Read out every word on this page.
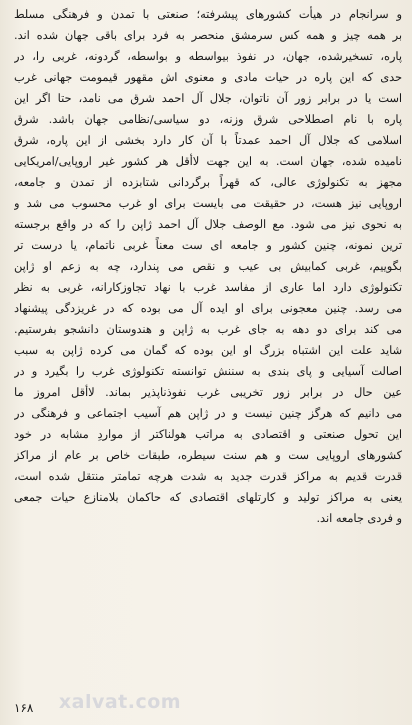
و سرانجام در هیأت کشورهای پیشرفته؛ صنعتی با تمدن و فرهنگی مسلط
بر همه چیز و همه کس سرمشق منحصر به فرد برای باقی جهان شده اند.
پاره، تسخیرشده، جهان، در نفوذ بیواسطه و بواسطه، گردونه، غربی را، در
حدی که این پاره در حیات مادی و معنوی اش مقهور قیمومت جهانی غرب
است یا در برابر زور آن ناتوان، جلال آل احمد شرق می نامد، حتا اگر این
پاره با نام اصطلاحی شرق وزنه، دو سیاسی/نظامی جهان باشد. شرق
اسلامی که جلال آل احمد عمدتاً با آن کار دارد بخشی از این پاره، شرق
نامیده شده، جهان است. به این جهت لاأقل هر کشور غیر اروپایی/امریکایی
مجهز به تکنولوژی عالی، که قهراً برگردانی شتابزده از تمدن و جامعه،
اروپایی نیز هست، در حقیقت می بایست برای او غرب محسوب می شد و
به نحوی نیز می شود. مع الوصف جلال آل احمد ژاپن را که در واقع برجسته
ترین نمونه، چنین کشور و جامعه ای ست معناً غربی ناتمام، یا درست تر
بگوییم، غربی کمابیش بی عیب و نقص می پندارد، چه به زعم او ژاپن
تکنولوژی دارد اما عاری از مفاسد غرب با نهاد تجاوزکارانه، غربی به نظر
می رسد. چنین معجونی برای او ایده آل می بوده که در غریزدگی پیشنهاد
می کند برای دو دهه به جای غرب به ژاپن و هندوستان دانشجو بفرستیم.
شاید علت این اشتباه بزرگ او این بوده که گمان می کرده ژاپن به سبب
اصالت آسیایی و پای بندی به سننش توانسته تکنولوژی غرب را بگیرد و در
عین حال در برابر زور تخریبی غرب نفوذناپذیر بماند. لاأقل امروز ما
می دانیم که هرگز چنین نیست و در ژاپن هم آسیب اجتماعی و فرهنگی در
این تحول صنعتی و اقتصادی به مراتب هولناکتر از مواردِ مشابه در خود
کشورهای اروپایی ست و هم سنت سیطره، طبقات خاص بر عام از مراکز
قدرت قدیم به مراکز قدرت جدید به شدت هرچه تمامتر منتقل شده است،
یعنی به مراکز تولید و کارتلهای اقتصادی که حاکمان بلامنازع حیات جمعی
و فردی جامعه اند.
xalvat.com
۱۶۸
